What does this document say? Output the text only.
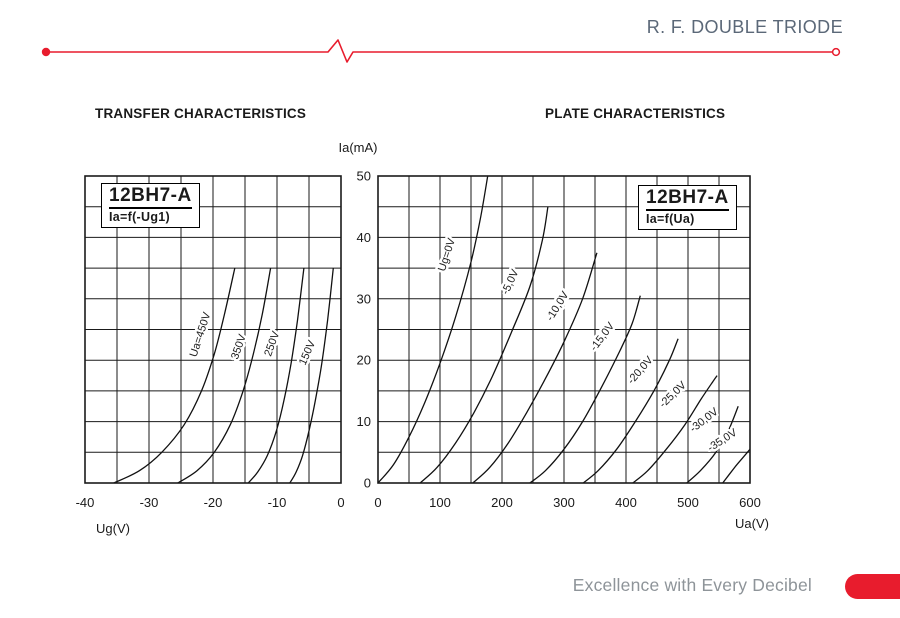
R. F. DOUBLE TRIODE
TRANSFER CHARACTERISTICS	PLATE CHARACTERISTICS
Ia(mA)
Ug(V)	Ua(V)
Ua=450V 350V 250V 150V
-40	-30	-20	-10	0
0
10
20
30
40
50
Ug=0V
-5,0V
-10,0V
-15,0V
-20,0V
-25,0V
-30,0V
-35,0V
0	100	200	300	400	500	600
12BH7-A
Ia=f(-Ug1)
12BH7-A
Ia=f(Ua)
Excellence with Every Decibel
